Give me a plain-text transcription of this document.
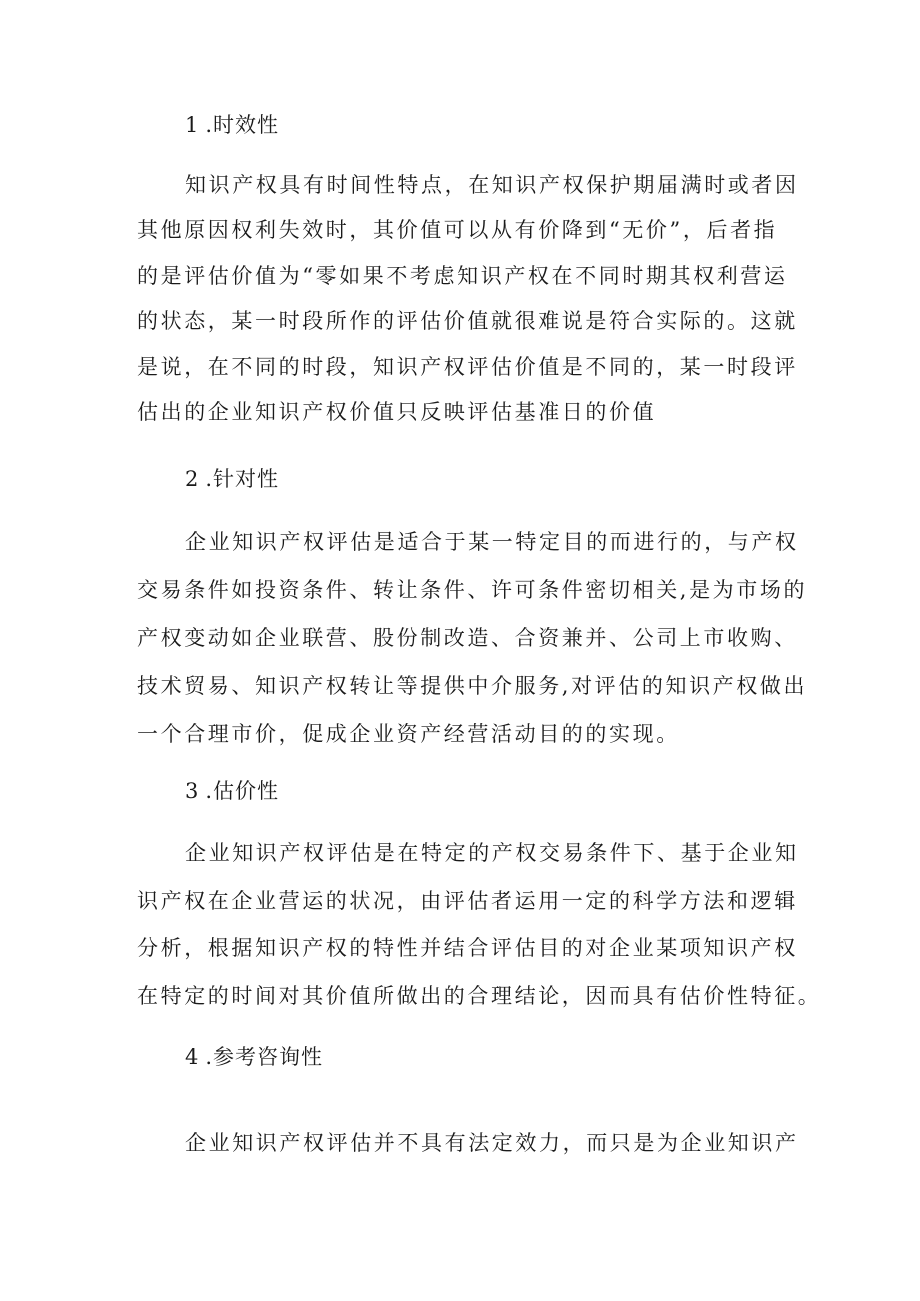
1 .时效性
知识产权具有时间性特点，在知识产权保护期届满时或者因
其他原因权利失效时，其价值可以从有价降到“无价”，后者指
的是评估价值为“零如果不考虑知识产权在不同时期其权利营运
的状态，某一时段所作的评估价值就很难说是符合实际的。这就
是说，在不同的时段，知识产权评估价值是不同的，某一时段评
估出的企业知识产权价值只反映评估基准日的价值
2 .针对性
企业知识产权评估是适合于某一特定目的而进行的，与产权
交易条件如投资条件、转让条件、许可条件密切相关,是为市场的
产权变动如企业联营、股份制改造、合资兼并、公司上市收购、
技术贸易、知识产权转让等提供中介服务,对评估的知识产权做出
一个合理市价，促成企业资产经营活动目的的实现。
3 .估价性
企业知识产权评估是在特定的产权交易条件下、基于企业知
识产权在企业营运的状况，由评估者运用一定的科学方法和逻辑
分析，根据知识产权的特性并结合评估目的对企业某项知识产权
在特定的时间对其价值所做出的合理结论，因而具有估价性特征。
4 .参考咨询性
企业知识产权评估并不具有法定效力，而只是为企业知识产
